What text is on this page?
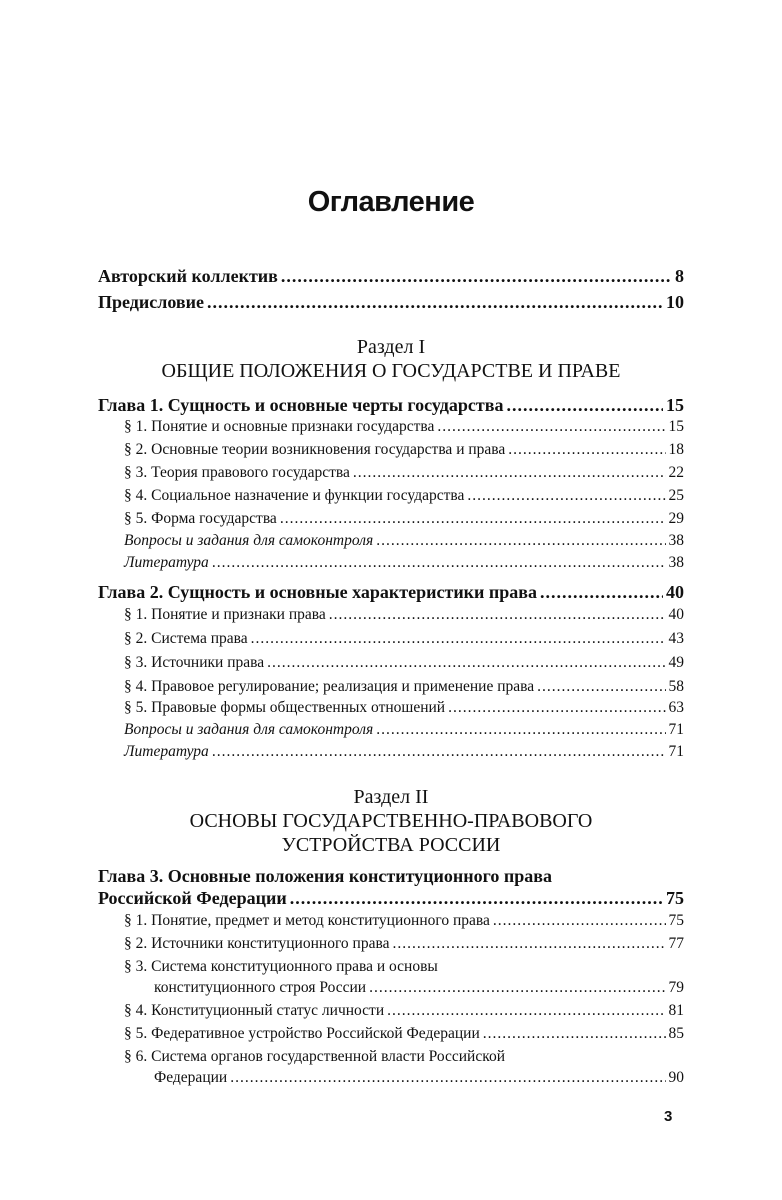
Оглавление
Авторский коллектив .....	8
Предисловие .....	10
Раздел I
ОБЩИЕ ПОЛОЖЕНИЯ О ГОСУДАРСТВЕ И ПРАВЕ
Глава 1. Сущность и основные черты государства .....	15
§ 1. Понятие и основные признаки государства .....	15
§ 2. Основные теории возникновения государства и права .....	18
§ 3. Теория правового государства .....	22
§ 4. Социальное назначение и функции государства .....	25
§ 5. Форма государства .....	29
Вопросы и задания для самоконтроля .....	38
Литература .....	38
Глава 2. Сущность и основные характеристики права .....	40
§ 1. Понятие и признаки права .....	40
§ 2. Система права .....	43
§ 3. Источники права .....	49
§ 4. Правовое регулирование; реализация и применение права .....	58
§ 5. Правовые формы общественных отношений .....	63
Вопросы и задания для самоконтроля .....	71
Литература .....	71
Раздел II
ОСНОВЫ ГОСУДАРСТВЕННО-ПРАВОВОГО
УСТРОЙСТВА РОССИИ
Глава 3. Основные положения конституционного права
Российской Федерации .....	75
§ 1. Понятие, предмет и метод конституционного права .....	75
§ 2. Источники конституционного права .....	77
§ 3. Система конституционного права и основы
конституционного строя России .....	79
§ 4. Конституционный статус личности .....	81
§ 5. Федеративное устройство Российской Федерации .....	85
§ 6. Система органов государственной власти Российской
Федерации .....	90
3
